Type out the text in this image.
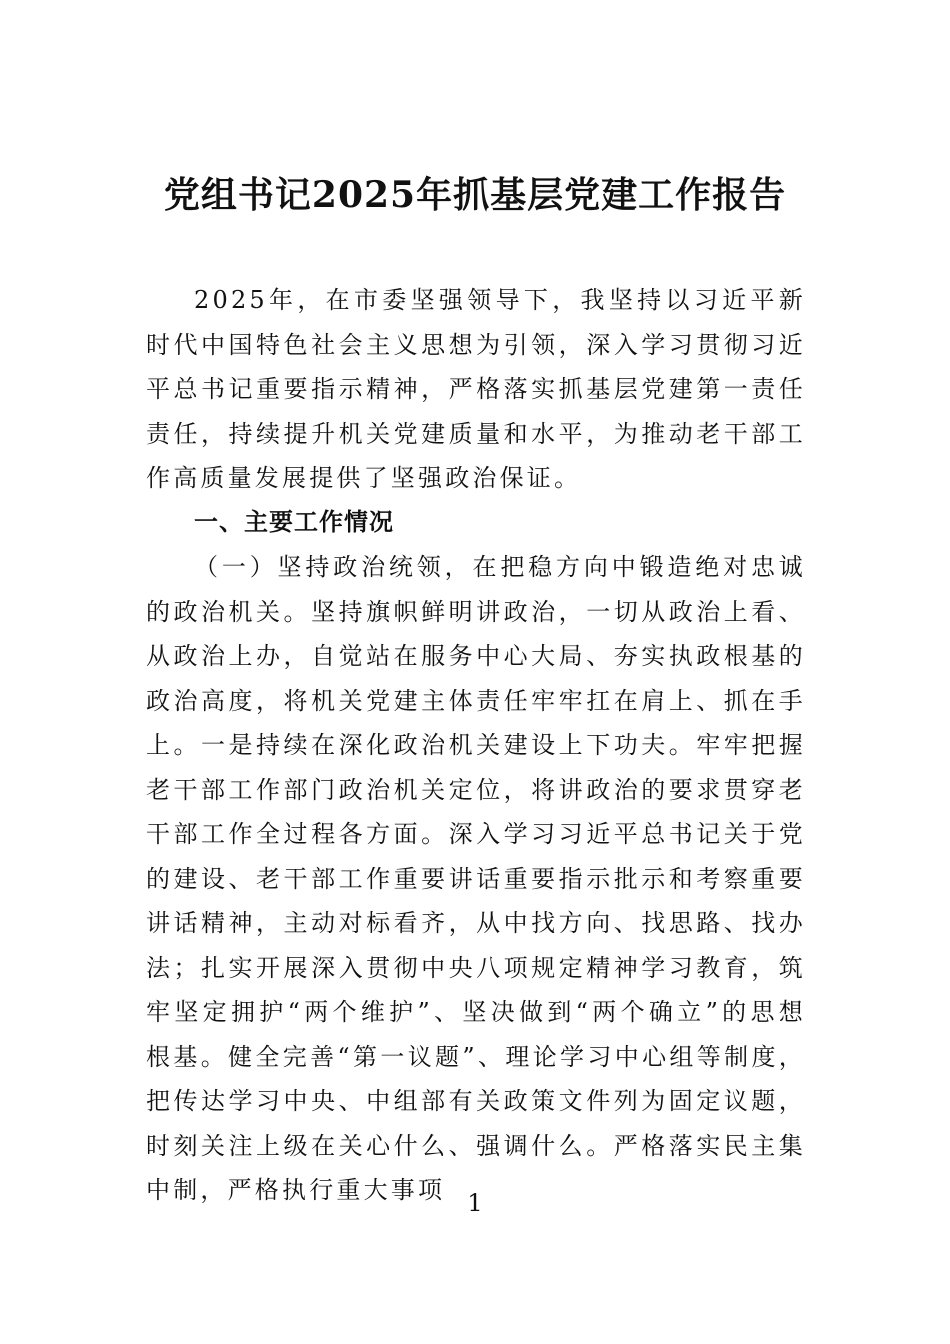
党组书记2025年抓基层党建工作报告

2025年，在市委坚强领导下，我坚持以习近平新时代中国特色社会主义思想为引领，深入学习贯彻习近平总书记重要指示精神，严格落实抓基层党建第一责任责任，持续提升机关党建质量和水平，为推动老干部工作高质量发展提供了坚强政治保证。

一、主要工作情况

（一）坚持政治统领，在把稳方向中锻造绝对忠诚的政治机关。坚持旗帜鲜明讲政治，一切从政治上看、从政治上办，自觉站在服务中心大局、夯实执政根基的政治高度，将机关党建主体责任牢牢扛在肩上、抓在手上。一是持续在深化政治机关建设上下功夫。牢牢把握老干部工作部门政治机关定位，将讲政治的要求贯穿老干部工作全过程各方面。深入学习习近平总书记关于党的建设、老干部工作重要讲话重要指示批示和考察重要讲话精神，主动对标看齐，从中找方向、找思路、找办法；扎实开展深入贯彻中央八项规定精神学习教育，筑牢坚定拥护“两个维护”、坚决做到“两个确立”的思想根基。健全完善“第一议题”、理论学习中心组等制度，把传达学习中央、中组部有关政策文件列为固定议题，时刻关注上级在关心什么、强调什么。严格落实民主集中制，严格执行重大事项 1
